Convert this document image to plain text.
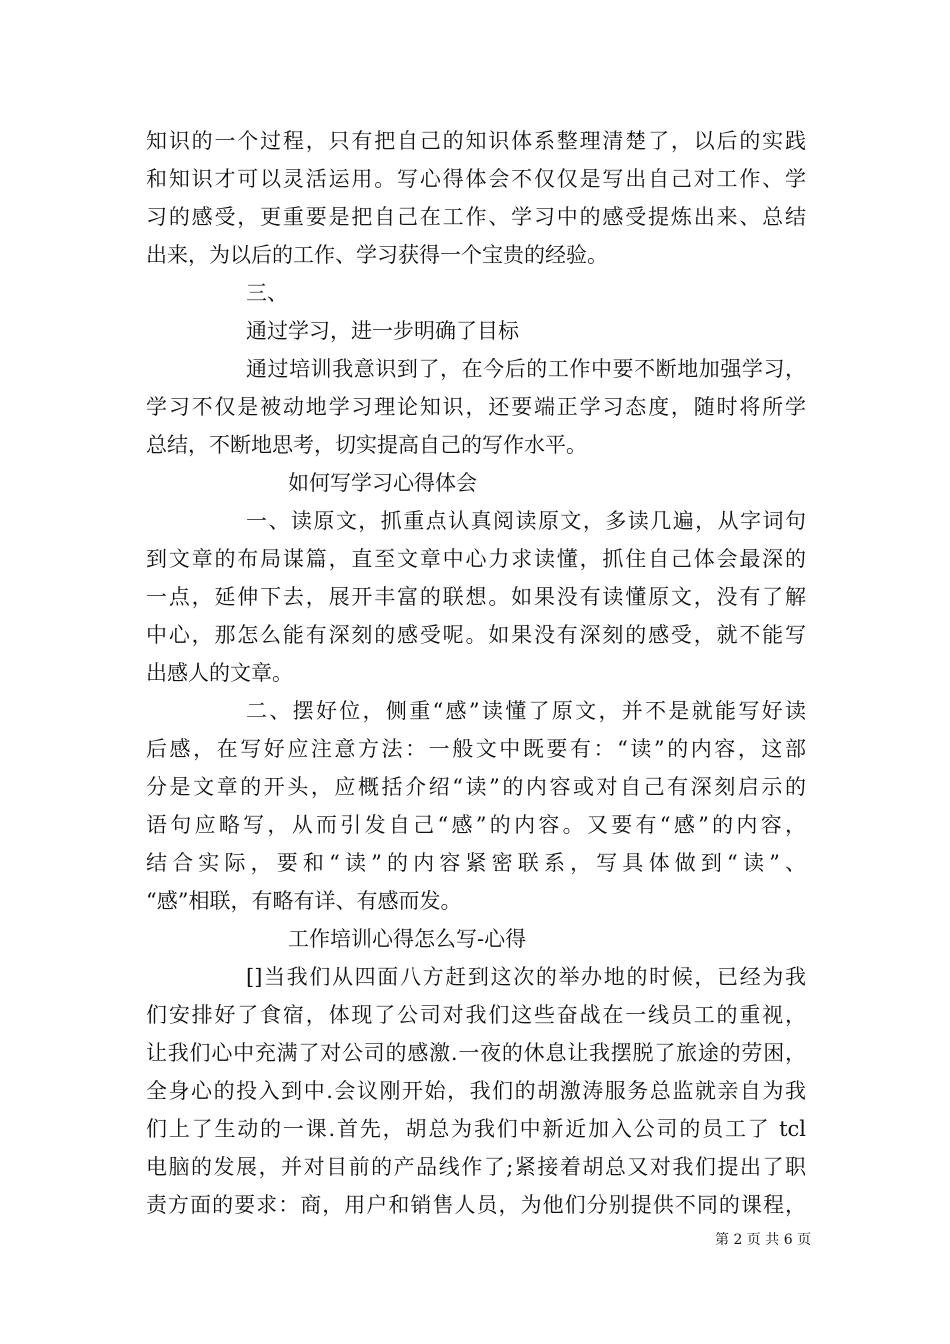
知识的一个过程，只有把自己的知识体系整理清楚了，以后的实践
和知识才可以灵活运用。写心得体会不仅仅是写出自己对工作、学
习的感受，更重要是把自己在工作、学习中的感受提炼出来、总结
出来，为以后的工作、学习获得一个宝贵的经验。
三、
通过学习，进一步明确了目标
通过培训我意识到了，在今后的工作中要不断地加强学习，
学习不仅是被动地学习理论知识，还要端正学习态度，随时将所学
总结，不断地思考，切实提高自己的写作水平。
如何写学习心得体会
一、读原文，抓重点认真阅读原文，多读几遍，从字词句
到文章的布局谋篇，直至文章中心力求读懂，抓住自己体会最深的
一点，延伸下去，展开丰富的联想。如果没有读懂原文，没有了解
中心，那怎么能有深刻的感受呢。如果没有深刻的感受，就不能写
出感人的文章。
二、摆好位，侧重“感”读懂了原文，并不是就能写好读
后感，在写好应注意方法：一般文中既要有：“读”的内容，这部
分是文章的开头，应概括介绍“读”的内容或对自己有深刻启示的
语句应略写，从而引发自己“感”的内容。又要有“感”的内容，
结合实际，要和“读”的内容紧密联系，写具体做到“读”、
“感”相联，有略有详、有感而发。
工作培训心得怎么写-心得
[]当我们从四面八方赶到这次的举办地的时候，已经为我
们安排好了食宿，体现了公司对我们这些奋战在一线员工的重视，
让我们心中充满了对公司的感激.一夜的休息让我摆脱了旅途的劳困，
全身心的投入到中.会议刚开始，我们的胡激涛服务总监就亲自为我
们上了生动的一课.首先，胡总为我们中新近加入公司的员工了 tcl
电脑的发展，并对目前的产品线作了;紧接着胡总又对我们提出了职
责方面的要求：商，用户和销售人员，为他们分别提供不同的课程，
第 2 页 共 6 页
